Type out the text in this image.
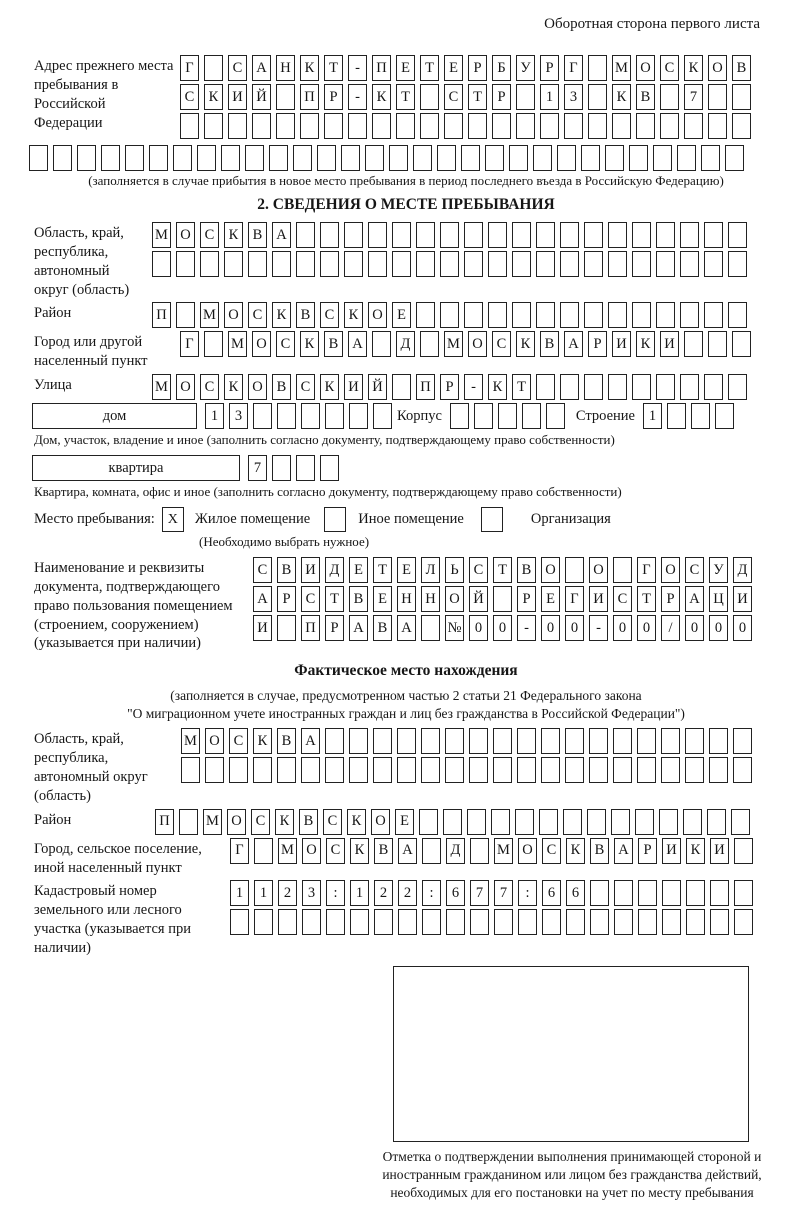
Оборотная сторона первого листа
Адрес прежнего места пребывания в Российской Федерации
Г	С А Н К	Т	-	П Е	Т	Е	Р	Б	У	Р	Г	М О С К О В
С К И Й	П	Р	-	К	Т	С	Т	Р	1	3	К В	7
(заполняется в случае прибытия в новое место пребывания в период последнего въезда в Российскую Федерацию)
2. СВЕДЕНИЯ О МЕСТЕ ПРЕБЫВАНИЯ
Область, край, республика, автономный округ (область)
М О С К В А
Район	П	М О С К В С К О Е
Город или другой населенный пункт
Г	М О С К В А	Д	М О С К В А	Р	И К И
Улица	М О С К О В С К И Й	П	Р	-	К	Т
дом	1	3	Корпус	Строение 1
Дом, участок, владение и иное (заполнить согласно документу, подтверждающему право собственности)
квартира	7
Квартира, комната, офис и иное (заполнить согласно документу, подтверждающему право собственности)
Место пребывания: X	Жилое помещение	Иное помещение	Организация
(Необходимо выбрать нужное)
Наименование и реквизиты документа, подтверждающего право пользования помещением (строением, сооружением) (указывается при наличии)
С В И Д	Е	Т	Е	Л	Ь	С	Т	В О	О	Г	О С У Д
А	Р	С	Т	В	Е Н Н О Й	Р	Е	Г	И С	Т	Р	А Ц И
И	П	Р	А В А № 0	0	-	0	0	-	0	0	/	0	0	0
Фактическое место нахождения
(заполняется в случае, предусмотренном частью 2 статьи 21 Федерального закона
"О миграционном учете иностранных граждан и лиц без гражданства в Российской Федерации")
Область, край, республика, автономный округ (область)
М О С К В А
Район	П	М О С К В С К О Е
Город, сельское поселение, иной населенный пункт
Г	М О С К В А	Д	М О С К В А	Р	И К И
Кадастровый номер земельного или лесного участка (указывается при наличии)
1	1	2	3	:	1	2	2	:	6	7	7	:	6	6
Отметка о подтверждении выполнения принимающей стороной и иностранным гражданином или лицом без гражданства действий, необходимых для его постановки на учет по месту пребывания
